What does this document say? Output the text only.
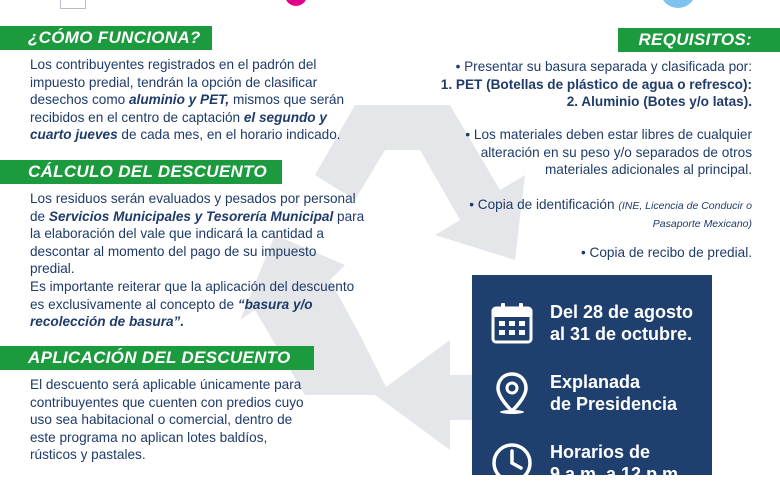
¿CÓMO FUNCIONA?
Los contribuyentes registrados en el padrón del
impuesto predial, tendrán la opción de clasificar
desechos como aluminio y PET, mismos que serán
recibidos en el centro de captación el segundo y
cuarto jueves de cada mes, en el horario indicado.
CÁLCULO DEL DESCUENTO
Los residuos serán evaluados y pesados por personal
de Servicios Municipales y Tesorería Municipal para
la elaboración del vale que indicará la cantidad a
descontar al momento del pago de su impuesto
predial.
Es importante reiterar que la aplicación del descuento
es exclusivamente al concepto de “basura y/o
recolección de basura”.
APLICACIÓN DEL DESCUENTO
El descuento será aplicable únicamente para
contribuyentes que cuenten con predios cuyo
uso sea habitacional o comercial, dentro de
este programa no aplican lotes baldíos,
rústicos y pastales.
REQUISITOS:
• Presentar su basura separada y clasificada por:
1. PET (Botellas de plástico de agua o refresco):
2. Aluminio (Botes y/o latas).
• Los materiales deben estar libres de cualquier
alteración en su peso y/o separados de otros
materiales adicionales al principal.
• Copia de identificación (INE, Licencia de Conducir o
Pasaporte Mexicano)
• Copia de recibo de predial.
Del 28 de agosto
al 31 de octubre.
Explanada
de Presidencia
Horarios de
9 a.m. a 12 p.m.
